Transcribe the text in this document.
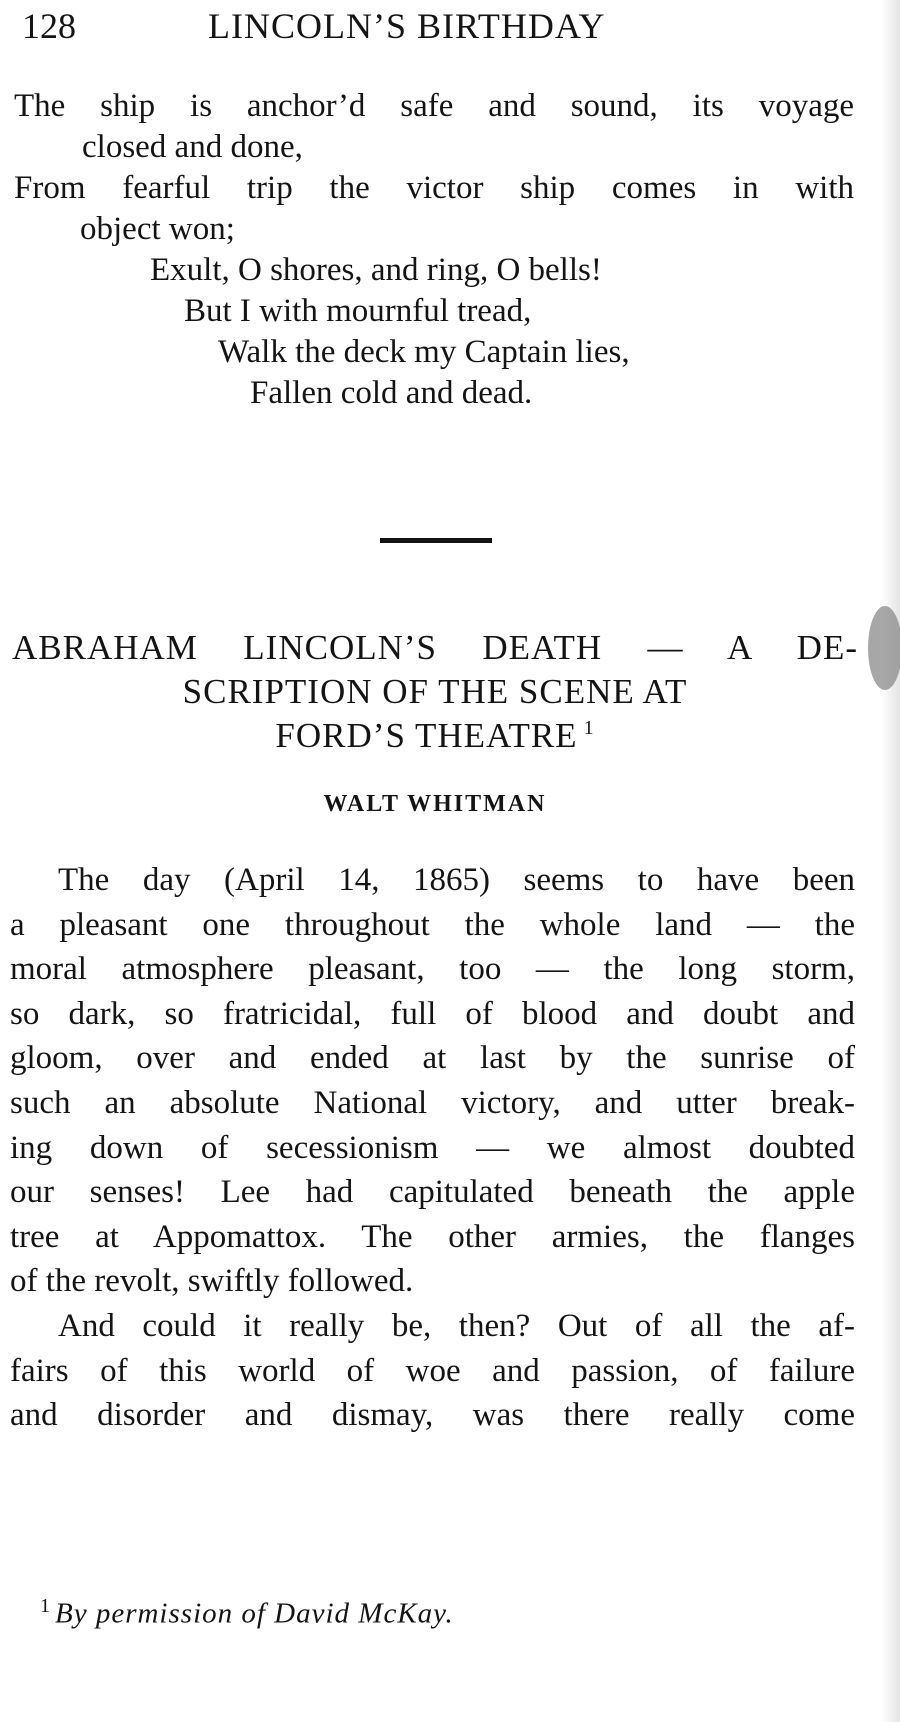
128	LINCOLN’S BIRTHDAY
The ship is anchor’d safe and sound, its voyage
closed and done,
From fearful trip the victor ship comes in with
object won;
Exult, O shores, and ring, O bells!
But I with mournful tread,
Walk the deck my Captain lies,
Fallen cold and dead.
ABRAHAM LINCOLN’S DEATH — A DE-
SCRIPTION OF THE SCENE AT
FORD’S THEATRE $^1$
WALT WHITMAN
The day (April 14, 1865) seems to have been
a pleasant one throughout the whole land — the
moral atmosphere pleasant, too — the long storm,
so dark, so fratricidal, full of blood and doubt and
gloom, over and ended at last by the sunrise of
such an absolute National victory, and utter break-
ing down of secessionism — we almost doubted
our senses! Lee had capitulated beneath the apple
tree at Appomattox. The other armies, the flanges
of the revolt, swiftly followed.
And could it really be, then? Out of all the af-
fairs of this world of woe and passion, of failure
and disorder and dismay, was there really come
$^1$ By permission of David McKay.
